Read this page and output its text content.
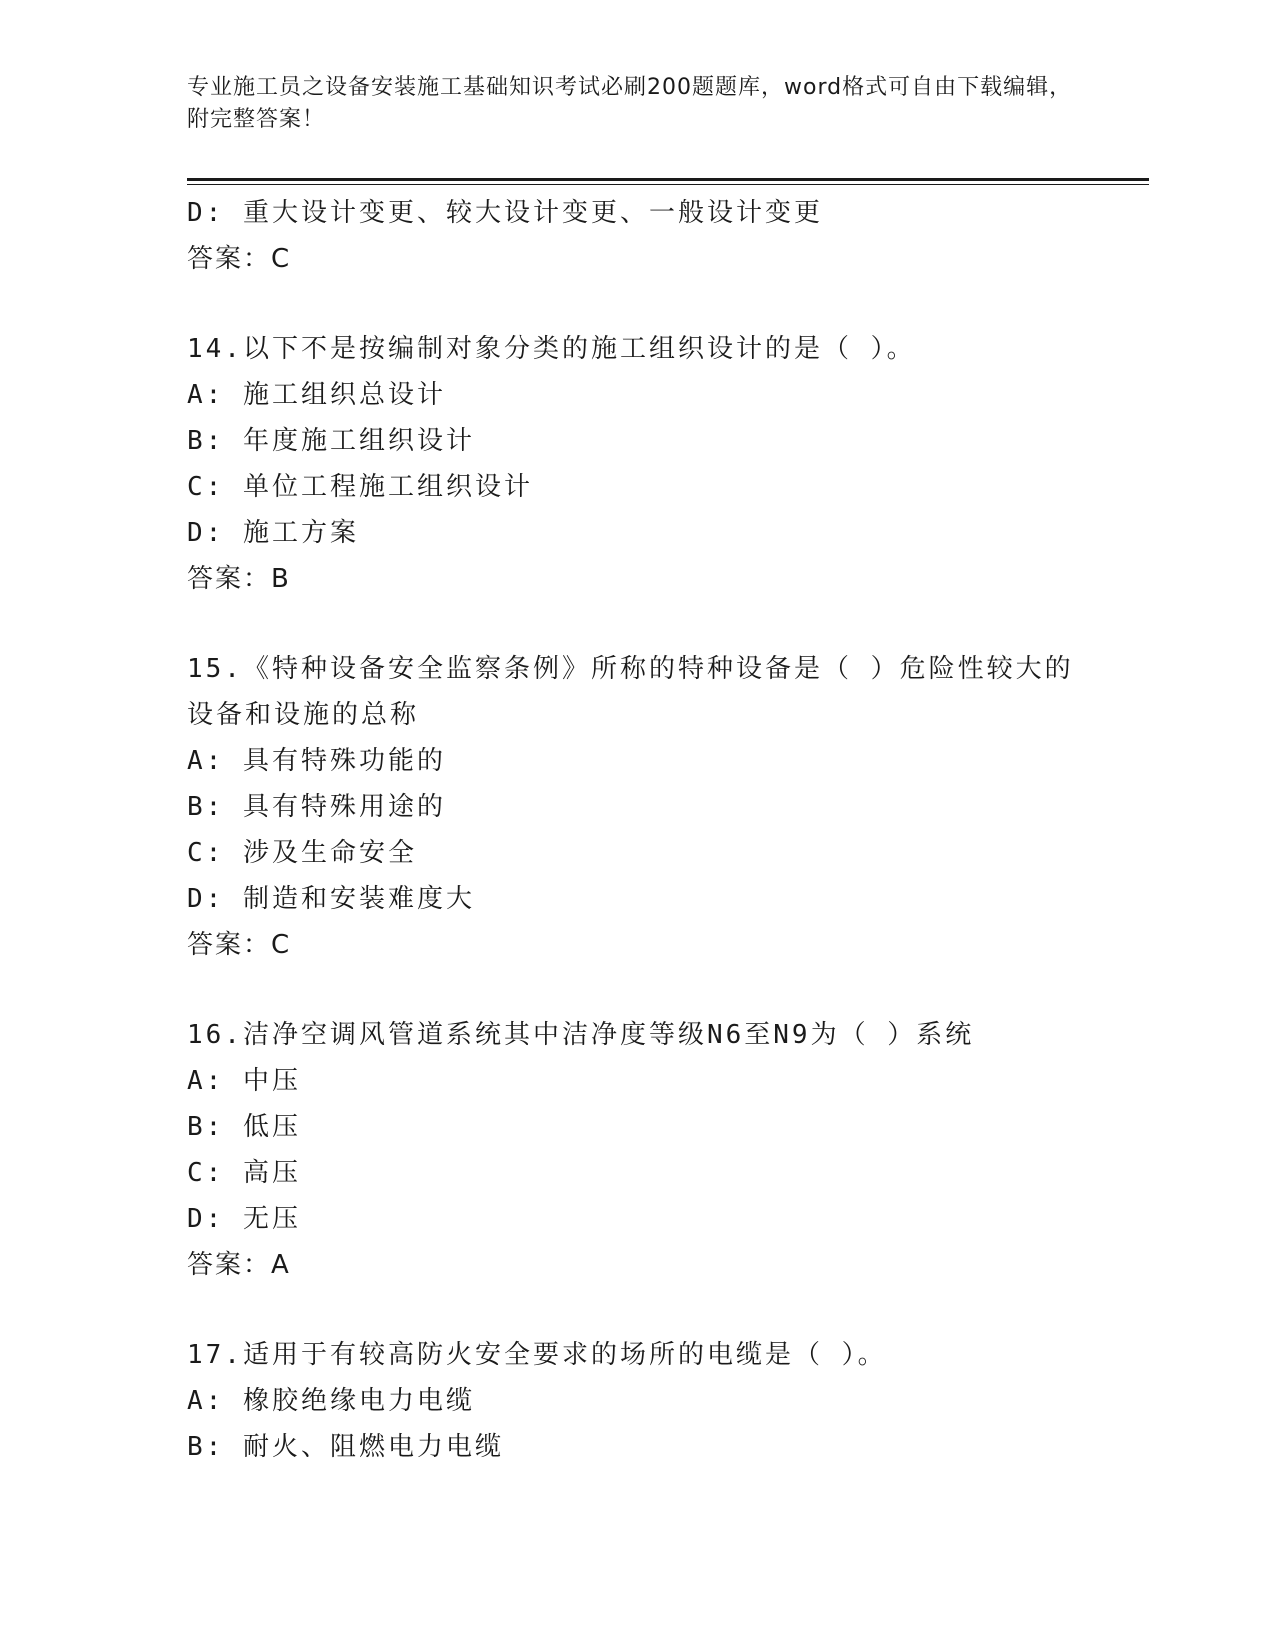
专业施工员之设备安装施工基础知识考试必刷200题题库，word格式可自由下载编辑，附完整答案！
D: 重大设计变更、较大设计变更、一般设计变更
答案：C
14.以下不是按编制对象分类的施工组织设计的是（ ）。
A: 施工组织总设计
B: 年度施工组织设计
C: 单位工程施工组织设计
D: 施工方案
答案：B
15.《特种设备安全监察条例》所称的特种设备是（ ）危险性较大的
设备和设施的总称
A: 具有特殊功能的
B: 具有特殊用途的
C: 涉及生命安全
D: 制造和安装难度大
答案：C
16.洁净空调风管道系统其中洁净度等级N6至N9为（ ）系统
A: 中压
B: 低压
C: 高压
D: 无压
答案：A
17.适用于有较高防火安全要求的场所的电缆是（ ）。
A: 橡胶绝缘电力电缆
B: 耐火、阻燃电力电缆
